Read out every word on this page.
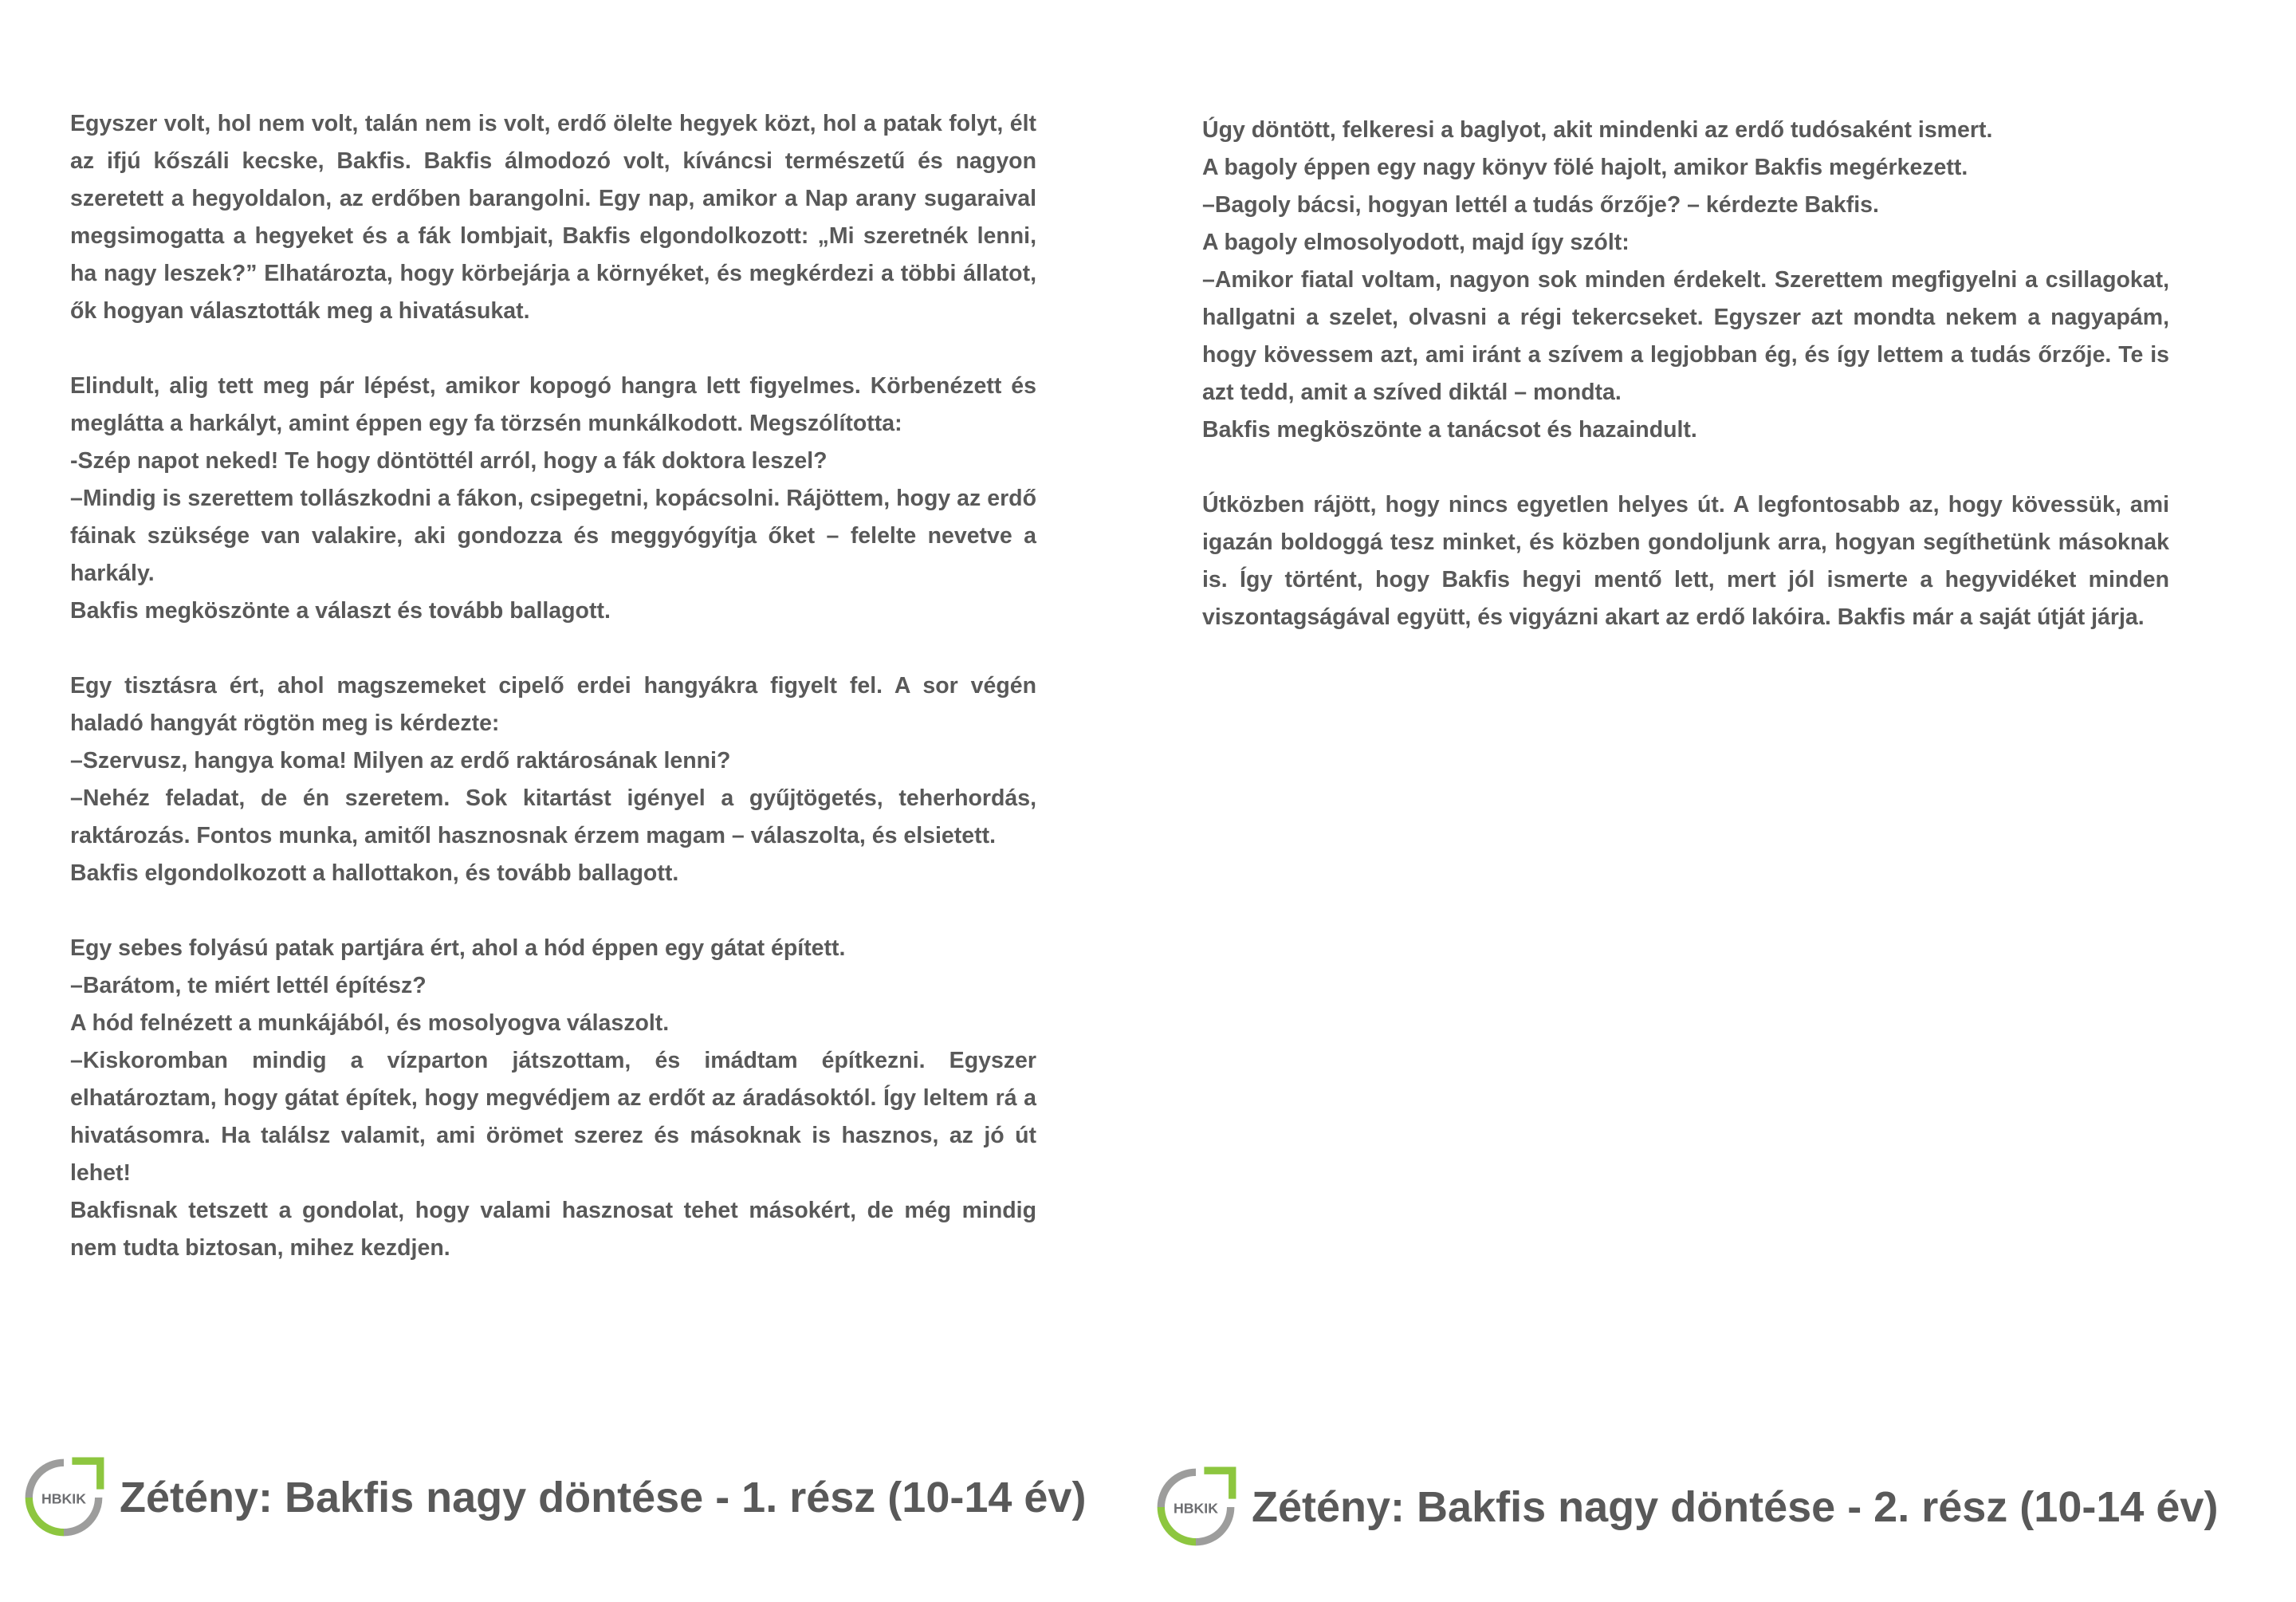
Egyszer volt, hol nem volt, talán nem is volt, erdő ölelte hegyek közt, hol a patak folyt, élt az ifjú kőszáli kecske, Bakfis. Bakfis álmodozó volt, kíváncsi természetű és nagyon szeretett a hegyoldalon, az erdőben barangolni. Egy nap, amikor a Nap arany sugaraival megsimogatta a hegyeket és a fák lombjait, Bakfis elgondolkozott: „Mi szeretnék lenni, ha nagy leszek?” Elhatározta, hogy körbejárja a környéket, és megkérdezi a többi állatot, ők hogyan választották meg a hivatásukat.

Elindult, alig tett meg pár lépést, amikor kopogó hangra lett figyelmes. Körbenézett és meglátta a harkályt, amint éppen egy fa törzsén munkálkodott. Megszólította:

-Szép napot neked! Te hogy döntöttél arról, hogy a fák doktora leszel?

–Mindig is szerettem tollászkodni a fákon, csipegetni, kopácsolni. Rájöttem, hogy az erdő fáinak szüksége van valakire, aki gondozza és meggyógyítja őket – felelte nevetve a harkály.

Bakfis megköszönte a választ és tovább ballagott.

Egy tisztásra ért, ahol magszemeket cipelő erdei hangyákra figyelt fel. A sor végén haladó hangyát rögtön meg is kérdezte:

–Szervusz, hangya koma! Milyen az erdő raktárosának lenni?

–Nehéz feladat, de én szeretem. Sok kitartást igényel a gyűjtögetés, teherhordás, raktározás. Fontos munka, amitől hasznosnak érzem magam – válaszolta, és elsietett.

Bakfis elgondolkozott a hallottakon, és tovább ballagott.

Egy sebes folyású patak partjára ért, ahol a hód éppen egy gátat épített.

–Barátom, te miért lettél építész?

A hód felnézett a munkájából, és mosolyogva válaszolt.

–Kiskoromban mindig a vízparton játszottam, és imádtam építkezni. Egyszer elhatároztam, hogy gátat építek, hogy megvédjem az erdőt az áradásoktól. Így leltem rá a hivatásomra. Ha találsz valamit, ami örömet szerez és másoknak is hasznos, az jó út lehet!

Bakfisnak tetszett a gondolat, hogy valami hasznosat tehet másokért, de még mindig nem tudta biztosan, mihez kezdjen.

HBKIK Zétény: Bakfis nagy döntése - 1. rész (10-14 év)

Úgy döntött, felkeresi a baglyot, akit mindenki az erdő tudósaként ismert.

A bagoly éppen egy nagy könyv fölé hajolt, amikor Bakfis megérkezett.

–Bagoly bácsi, hogyan lettél a tudás őrzője? – kérdezte Bakfis.

A bagoly elmosolyodott, majd így szólt:

–Amikor fiatal voltam, nagyon sok minden érdekelt. Szerettem megfigyelni a csillagokat, hallgatni a szelet, olvasni a régi tekercseket. Egyszer azt mondta nekem a nagyapám, hogy kövessem azt, ami iránt a szívem a legjobban ég, és így lettem a tudás őrzője. Te is azt tedd, amit a szíved diktál – mondta.

Bakfis megköszönte a tanácsot és hazaindult.

Útközben rájött, hogy nincs egyetlen helyes út. A legfontosabb az, hogy kövessük, ami igazán boldoggá tesz minket, és közben gondoljunk arra, hogyan segíthetünk másoknak is. Így történt, hogy Bakfis hegyi mentő lett, mert jól ismerte a hegyvidéket minden viszontagságával együtt, és vigyázni akart az erdő lakóira. Bakfis már a saját útját járja.

HBKIK Zétény: Bakfis nagy döntése - 2. rész (10-14 év)
